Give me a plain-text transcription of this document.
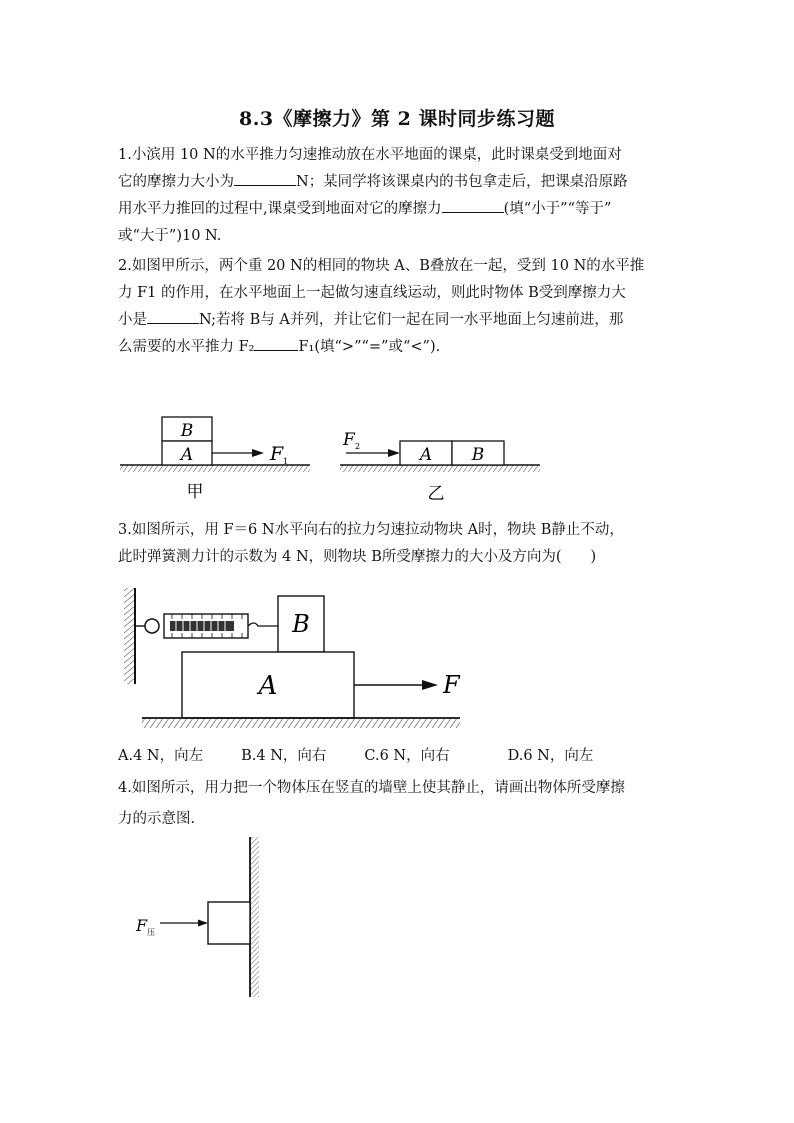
8.3《摩擦力》第 2 课时同步练习题
1.小滨用 10 N的水平推力匀速推动放在水平地面的课桌，此时课桌受到地面对
它的摩擦力大小为	N；某同学将该课桌内的书包拿走后，把课桌沿原路
用水平力推回的过程中,课桌受到地面对它的摩擦力	(填“小于”“等于”
或“大于”)10 N.
2.如图甲所示，两个重 20 N的相同的物块 A、B叠放在一起，受到 10 N的水平推
力 F1 的作用，在水平地面上一起做匀速直线运动，则此时物体 B受到摩擦力大
小是	N;若将 B与 A并列，并让它们一起在同一水平地面上匀速前进，那
么需要的水平推力 F₂	F₁(填“>”“=”或“<”).
B
A	F 1
甲
A B
F 2
乙
3.如图所示，用 F＝6 N水平向右的拉力匀速拉动物块 A时，物块 B静止不动，
此时弹簧测力计的示数为 4 N，则物块 B所受摩擦力的大小及方向为(　　)
B
A	F
A.4 N，向左	B.4 N，向右	C.6 N，向右	D.6 N，向左
4.如图所示，用力把一个物体压在竖直的墙壁上使其静止，请画出物体所受摩擦
力的示意图.
F 压
